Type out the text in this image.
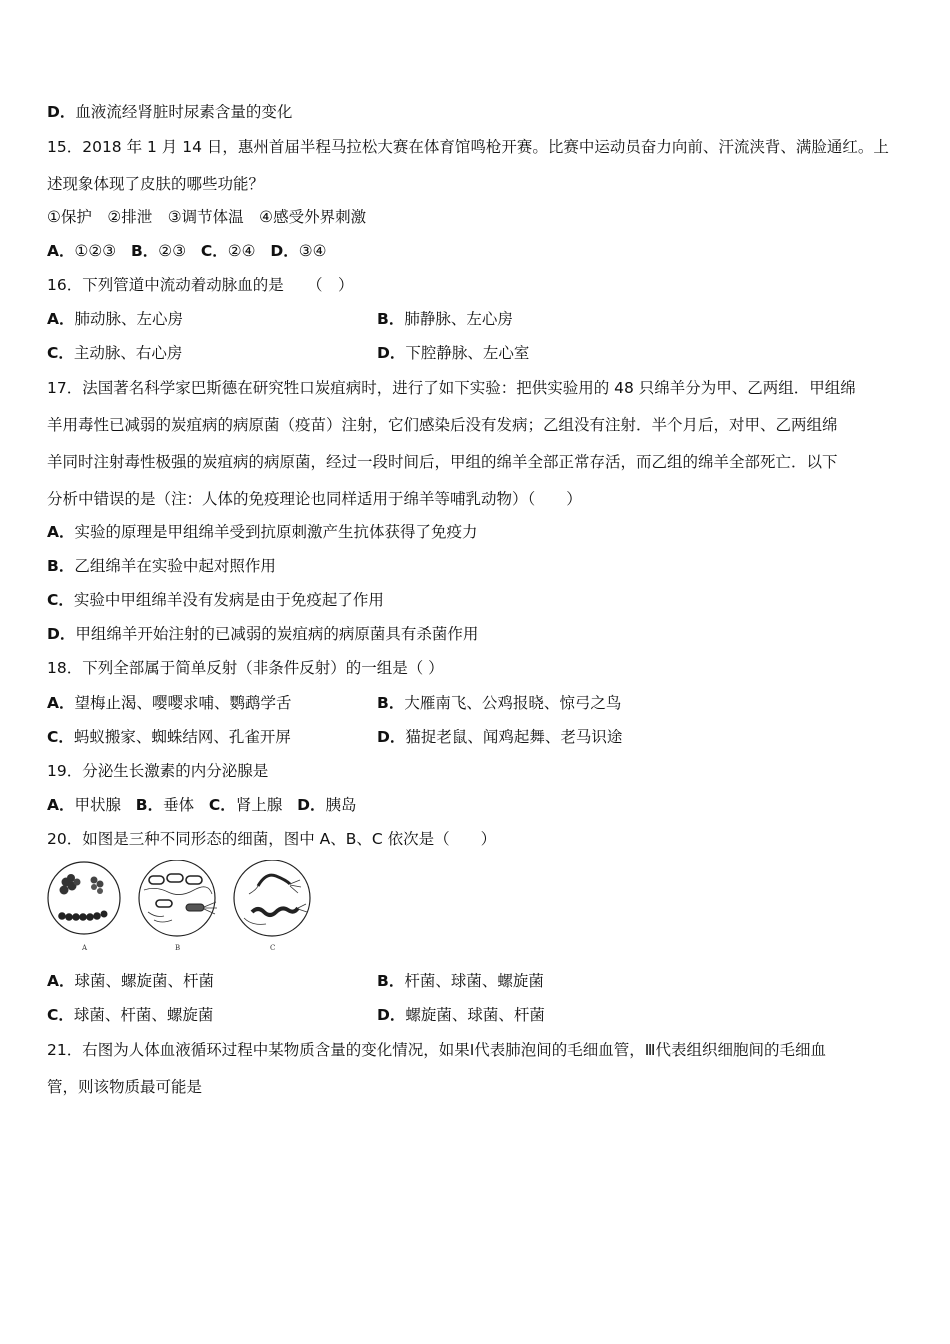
D．血液流经肾脏时尿素含量的变化
15．2018 年 1 月 14 日，惠州首届半程马拉松大赛在体育馆鸣枪开赛。比赛中运动员奋力向前、汗流浃背、满脸通红。上
述现象体现了皮肤的哪些功能？
①保护　②排泄　③调节体温　④感受外界刺激
A．①②③ B．②③ C．②④ D．③④
16．下列管道中流动着动脉血的是　　（　）
A．肺动脉、左心房	B．肺静脉、左心房
C．主动脉、右心房	D．下腔静脉、左心室
17．法国著名科学家巴斯德在研究牲口炭疽病时，进行了如下实验：把供实验用的 48 只绵羊分为甲、乙两组．甲组绵
羊用毒性已减弱的炭疽病的病原菌（疫苗）注射，它们感染后没有发病；乙组没有注射．半个月后，对甲、乙两组绵
羊同时注射毒性极强的炭疽病的病原菌，经过一段时间后，甲组的绵羊全部正常存活，而乙组的绵羊全部死亡．以下
分析中错误的是（注：人体的免疫理论也同样适用于绵羊等哺乳动物）（　　）
A．实验的原理是甲组绵羊受到抗原刺激产生抗体获得了免疫力
B．乙组绵羊在实验中起对照作用
C．实验中甲组绵羊没有发病是由于免疫起了作用
D．甲组绵羊开始注射的已减弱的炭疽病的病原菌具有杀菌作用
18．下列全部属于简单反射（非条件反射）的一组是（ ）
A．望梅止渴、嘤嘤求哺、鹦鹉学舌	B．大雁南飞、公鸡报晓、惊弓之鸟
C．蚂蚁搬家、蜘蛛结网、孔雀开屏	D．猫捉老鼠、闻鸡起舞、老马识途
19．分泌生长激素的内分泌腺是
A．甲状腺 B．垂体 C．肾上腺 D．胰岛
20．如图是三种不同形态的细菌，图中 A、B、C 依次是（　　）
A	B	C
A．球菌、螺旋菌、杆菌	B．杆菌、球菌、螺旋菌
C．球菌、杆菌、螺旋菌	D．螺旋菌、球菌、杆菌
21．右图为人体血液循环过程中某物质含量的变化情况，如果Ⅰ代表肺泡间的毛细血管，Ⅲ代表组织细胞间的毛细血
管，则该物质最可能是
